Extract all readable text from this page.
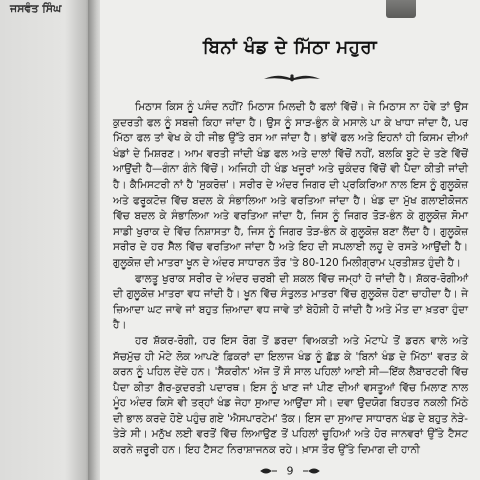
ਜਸਵੰਤ ਸਿੰਘ
ਬਿਨਾਂ ਖੰਡ ਦੇ ਮਿੱਠਾ ਮਹੁਰਾ

ਮਿਠਾਸ ਕਿਸ ਨੂੰ ਪਸੰਦ ਨਹੀਂ? ਮਿਠਾਸ ਮਿਲਦੀ ਹੈ ਫਲਾਂ ਵਿੱਚੋਂ। ਜੇ ਮਿਠਾਸ ਨਾ ਹੋਵੇ ਤਾਂ ਉਸ ਕੁਦਰਤੀ ਫਲ ਨੂੰ ਸਬਜ਼ੀ ਕਿਹਾ ਜਾਂਦਾ ਹੈ। ਉਸ ਨੂੰ ਸਾੜ-ਭੁੰਨ ਕੇ ਮਸਾਲੇ ਪਾ ਕੇ ਖਾਧਾ ਜਾਂਦਾ ਹੈ, ਪਰ ਮਿੱਠਾ ਫਲ ਤਾਂ ਵੇਖ ਕੇ ਹੀ ਜੀਭ ਉੱਤੇ ਰਸ ਆ ਜਾਂਦਾ ਹੈ। ਭਾਂਵੇਂ ਫਲ ਅਤੇ ਇਹਨਾਂ ਹੀ ਕਿਸਮ ਦੀਆਂ ਖੰਡਾਂ ਦੇ ਮਿਸ਼ਰਣ। ਆਮ ਵਰਤੀ ਜਾਂਦੀ ਖੰਡ ਫਲ ਅਤੇ ਦਾਲਾਂ ਵਿੱਚੋਂ ਨਹੀਂ, ਬਲਕਿ ਬੂਟੇ ਦੇ ਤਣੇ ਵਿੱਚੋਂ ਆਉਂਦੀ ਹੈ—ਗੰਨਾ ਗੰਨੇ ਵਿੱਚੋਂ। ਅਜਿਹੀ ਹੀ ਖੰਡ ਖਜੂਰਾਂ ਅਤੇ ਚੁਕੰਦਰ ਵਿੱਚੋਂ ਵੀ ਪੈਦਾ ਕੀਤੀ ਜਾਂਦੀ ਹੈ। ਕੈਮਿਸਟਰੀ ਨਾਂ ਹੈ 'ਸੁਕਰੋਜ਼'। ਸਰੀਰ ਦੇ ਅੰਦਰ ਜਿਗਰ ਦੀ ਪ੍ਰਕਿਰਿਆ ਨਾਲ ਇਸ ਨੂੰ ਗੁਲੂਕੋਜ਼ ਅਤੇ ਫਰੂਕਟੋਜ਼ ਵਿੱਚ ਬਦਲ ਕੇ ਸੰਭਾਲਿਆ ਅਤੇ ਵਰਤਿਆ ਜਾਂਦਾ ਹੈ। ਖੰਡ ਦਾ ਮੁੱਖ ਗਲਾਈਕੋਜਨ ਵਿੱਚ ਬਦਲ ਕੇ ਸੰਭਾਲਿਆ ਅਤੇ ਵਰਤਿਆ ਜਾਂਦਾ ਹੈ, ਜਿਸ ਨੂੰ ਜਿਗਰ ਤੋੜ-ਭੰਨ ਕੇ ਗੁਲੂਕੋਜ਼ ਸੋਮਾ ਸਾਡੀ ਖੁਰਾਕ ਦੇ ਵਿੱਚ ਨਿਸ਼ਾਸਤਾ ਹੈ, ਜਿਸ ਨੂੰ ਜਿਗਰ ਤੋੜ-ਭੰਨ ਕੇ ਗੁਲੂਕੋਜ਼ ਬਣਾ ਲੈਂਦਾ ਹੈ। ਗੁਲੂਕੋਜ਼ ਸਰੀਰ ਦੇ ਹਰ ਸੈੱਲ ਵਿੱਚ ਵਰਤਿਆ ਜਾਂਦਾ ਹੈ ਅਤੇ ਇਹ ਦੀ ਸਪਲਾਈ ਲਹੂ ਦੇ ਰਸਤੇ ਆਉਂਦੀ ਹੈ। ਗੁਲੂਕੋਜ਼ ਦੀ ਮਾਤਰਾ ਖੂਨ ਦੇ ਅੰਦਰ ਸਾਧਾਰਨ ਤੌਰ 'ਤੇ 80-120 ਮਿਲੀਗ੍ਰਾਮ ਪ੍ਰਤੀਸ਼ਤ ਹੁੰਦੀ ਹੈ।

ਫਾਲਤੂ ਖੁਰਾਕ ਸਰੀਰ ਦੇ ਅੰਦਰ ਚਰਬੀ ਦੀ ਸ਼ਕਲ ਵਿੱਚ ਜਮ੍ਹਾਂ ਹੋ ਜਾਂਦੀ ਹੈ। ਸ਼ੱਕਰ-ਰੋਗੀਆਂ ਦੀ ਗੁਲੂਕੋਜ਼ ਮਾਤਰਾ ਵਧ ਜਾਂਦੀ ਹੈ। ਖੂਨ ਵਿੱਚ ਸੰਤੁਲਤ ਮਾਤਰਾ ਵਿੱਚ ਗੁਲੂਕੋਜ਼ ਹੋਣਾ ਚਾਹੀਦਾ ਹੈ। ਜੇ ਜ਼ਿਆਦਾ ਘਟ ਜਾਵੇ ਜਾਂ ਬਹੁਤ ਜ਼ਿਆਦਾ ਵਧ ਜਾਵੇ ਤਾਂ ਬੇਹੋਸ਼ੀ ਹੋ ਜਾਂਦੀ ਹੈ ਅਤੇ ਮੌਤ ਦਾ ਖ਼ਤਰਾ ਹੁੰਦਾ ਹੈ।

ਹਰ ਸ਼ੱਕਰ-ਰੋਗੀ, ਹਰ ਇਸ ਰੋਗ ਤੋਂ ਡਰਦਾ ਵਿਅਕਤੀ ਅਤੇ ਮੋਟਾਪੇ ਤੋਂ ਡਰਨ ਵਾਲੇ ਅਤੇ ਸੱਚਮੁੱਚ ਹੀ ਮੋਟੇ ਲੋਕ ਆਪਣੇ ਫ਼ਿਕਰਾਂ ਦਾ ਇਲਾਜ ਖੰਡ ਨੂੰ ਛੱਡ ਕੇ 'ਬਿਨਾਂ ਖੰਡ ਦੇ ਮਿੱਠਾ' ਵਰਤ ਕੇ ਕਰਨ ਨੂੰ ਪਹਿਲ ਦੇਂਦੇ ਹਨ। 'ਸੈਕਰੀਨ' ਅੱਜ ਤੋਂ ਸੌ ਸਾਲ ਪਹਿਲਾਂ ਆਈ ਸੀ—ਇੱਕ ਲੈਬਾਰਟਰੀ ਵਿੱਚ ਪੈਦਾ ਕੀਤਾ ਗੈਰ-ਕੁਦਰਤੀ ਪਦਾਰਥ। ਇਸ ਨੂੰ ਖਾਣ ਜਾਂ ਪੀਣ ਦੀਆਂ ਵਸਤੂਆਂ ਵਿੱਚ ਮਿਲਾਣ ਨਾਲ ਮੂੰਹ ਅੰਦਰ ਕਿਸੇ ਵੀ ਤਰ੍ਹਾਂ ਖੰਡ ਜੇਹਾ ਸੁਆਦ ਆਉਂਦਾ ਸੀ। ਦਵਾ ਉਦਯੋਗ ਬਿਹਤਰ ਨਕਲੀ ਮਿੱਠੇ ਦੀ ਭਾਲ ਕਰਦੇ ਹੋਏ ਪਹੁੰਚ ਗਏ 'ਐਸਪਾਰਟੇਮ' ਤੱਕ। ਇਸ ਦਾ ਸੁਆਦ ਸਾਧਾਰਨ ਖੰਡ ਦੇ ਬਹੁਤ ਨੇੜੇ-ਤੇੜੇ ਸੀ। ਮਨੁੱਖ ਲਈ ਵਰਤੋਂ ਵਿੱਚ ਲਿਆਉਣ ਤੋਂ ਪਹਿਲਾਂ ਚੂਹਿਆਂ ਅਤੇ ਹੋਰ ਜਾਨਵਰਾਂ ਉੱਤੇ ਟੈਸਟ ਕਰਨੇ ਜ਼ਰੂਰੀ ਹਨ। ਇਹ ਟੈਸਟ ਨਿਰਾਸ਼ਾਜਨਕ ਰਹੇ। ਖ਼ਾਸ ਤੌਰ ਉੱਤੇ ਦਿਮਾਗ ਦੀ ਹਾਨੀ

9
